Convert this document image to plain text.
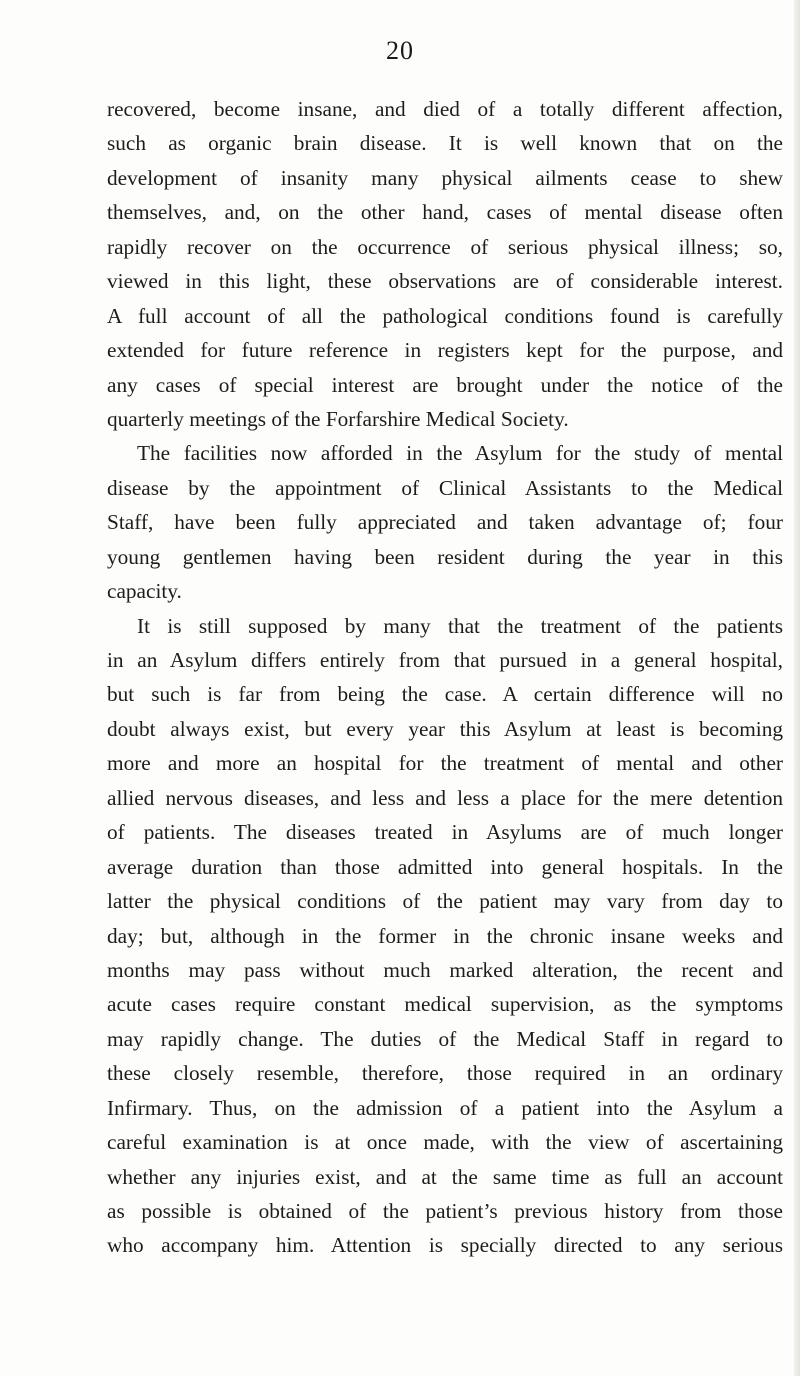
20
recovered, become insane, and died of a totally different affection,
such as organic brain disease. It is well known that on the
development of insanity many physical ailments cease to shew
themselves, and, on the other hand, cases of mental disease often
rapidly recover on the occurrence of serious physical illness; so,
viewed in this light, these observations are of considerable interest.
A full account of all the pathological conditions found is carefully
extended for future reference in registers kept for the purpose, and
any cases of special interest are brought under the notice of the
quarterly meetings of the Forfarshire Medical Society.
The facilities now afforded in the Asylum for the study of mental
disease by the appointment of Clinical Assistants to the Medical
Staff, have been fully appreciated and taken advantage of; four
young gentlemen having been resident during the year in this
capacity.
It is still supposed by many that the treatment of the patients
in an Asylum differs entirely from that pursued in a general hospital,
but such is far from being the case. A certain difference will no
doubt always exist, but every year this Asylum at least is becoming
more and more an hospital for the treatment of mental and other
allied nervous diseases, and less and less a place for the mere detention
of patients. The diseases treated in Asylums are of much longer
average duration than those admitted into general hospitals. In the
latter the physical conditions of the patient may vary from day to
day; but, although in the former in the chronic insane weeks and
months may pass without much marked alteration, the recent and
acute cases require constant medical supervision, as the symptoms
may rapidly change. The duties of the Medical Staff in regard to
these closely resemble, therefore, those required in an ordinary
Infirmary. Thus, on the admission of a patient into the Asylum a
careful examination is at once made, with the view of ascertaining
whether any injuries exist, and at the same time as full an account
as possible is obtained of the patient’s previous history from those
who accompany him. Attention is specially directed to any serious
